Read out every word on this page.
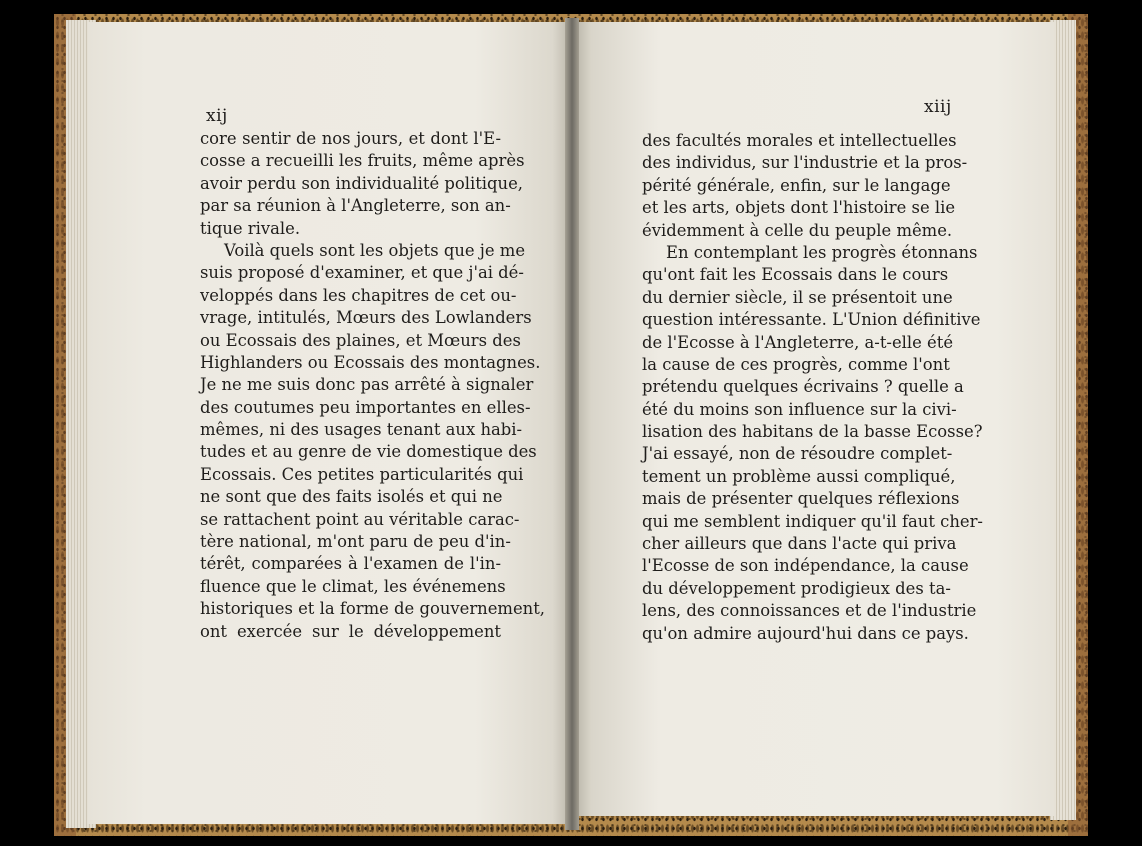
xij	xiij
core sentir de nos jours, et dont l'E-
cosse a recueilli les fruits, même après
avoir perdu son individualité politique,
par sa réunion à l'Angleterre, son an-
tique rivale.
Voilà quels sont les objets que je me
suis proposé d'examiner, et que j'ai dé-
veloppés dans les chapitres de cet ou-
vrage, intitulés, Mœurs des Lowlanders
ou Ecossais des plaines, et Mœurs des
Highlanders ou Ecossais des montagnes.
Je ne me suis donc pas arrêté à signaler
des coutumes peu importantes en elles-
mêmes, ni des usages tenant aux habi-
tudes et au genre de vie domestique des
Ecossais. Ces petites particularités qui
ne sont que des faits isolés et qui ne
se rattachent point au véritable carac-
tère national, m'ont paru de peu d'in-
térêt, comparées à l'examen de l'in-
fluence que le climat, les événemens
historiques et la forme de gouvernement,
ont exercée sur le développement
des facultés morales et intellectuelles
des individus, sur l'industrie et la pros-
périté générale, enfin, sur le langage
et les arts, objets dont l'histoire se lie
évidemment à celle du peuple même.
En contemplant les progrès étonnans
qu'ont fait les Ecossais dans le cours
du dernier siècle, il se présentoit une
question intéressante. L'Union définitive
de l'Ecosse à l'Angleterre, a-t-elle été
la cause de ces progrès, comme l'ont
prétendu quelques écrivains ? quelle a
été du moins son influence sur la civi-
lisation des habitans de la basse Ecosse?
J'ai essayé, non de résoudre complet-
tement un problème aussi compliqué,
mais de présenter quelques réflexions
qui me semblent indiquer qu'il faut cher-
cher ailleurs que dans l'acte qui priva
l'Ecosse de son indépendance, la cause
du développement prodigieux des ta-
lens, des connoissances et de l'industrie
qu'on admire aujourd'hui dans ce pays.
